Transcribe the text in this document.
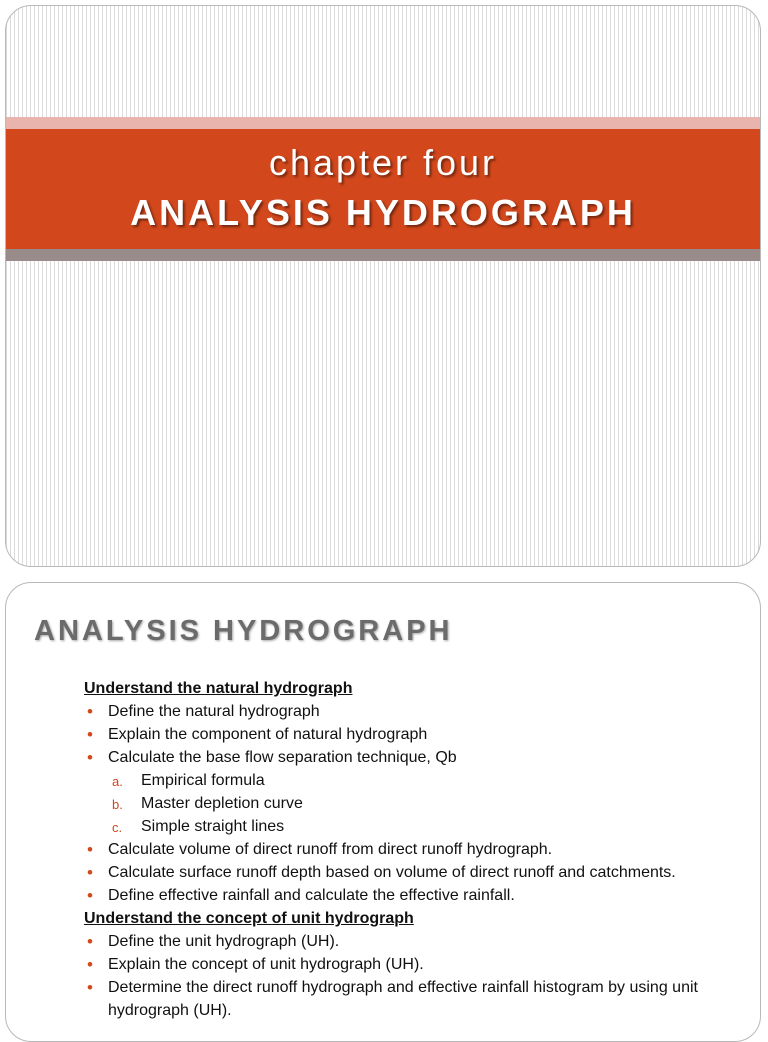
chapter four
ANALYSIS HYDROGRAPH
ANALYSIS HYDROGRAPH
Understand the natural hydrograph
• Define the natural hydrograph
• Explain the component of natural hydrograph
• Calculate the base flow separation technique, Qb
a. Empirical formula
b. Master depletion curve
c. Simple straight lines
• Calculate volume of direct runoff from direct runoff hydrograph.
• Calculate surface runoff depth based on volume of direct runoff and catchments.
• Define effective rainfall and calculate the effective rainfall.
Understand the concept of unit hydrograph
• Define the unit hydrograph (UH).
• Explain the concept of unit hydrograph (UH).
• Determine the direct runoff hydrograph and effective rainfall histogram by using unit hydrograph (UH).
